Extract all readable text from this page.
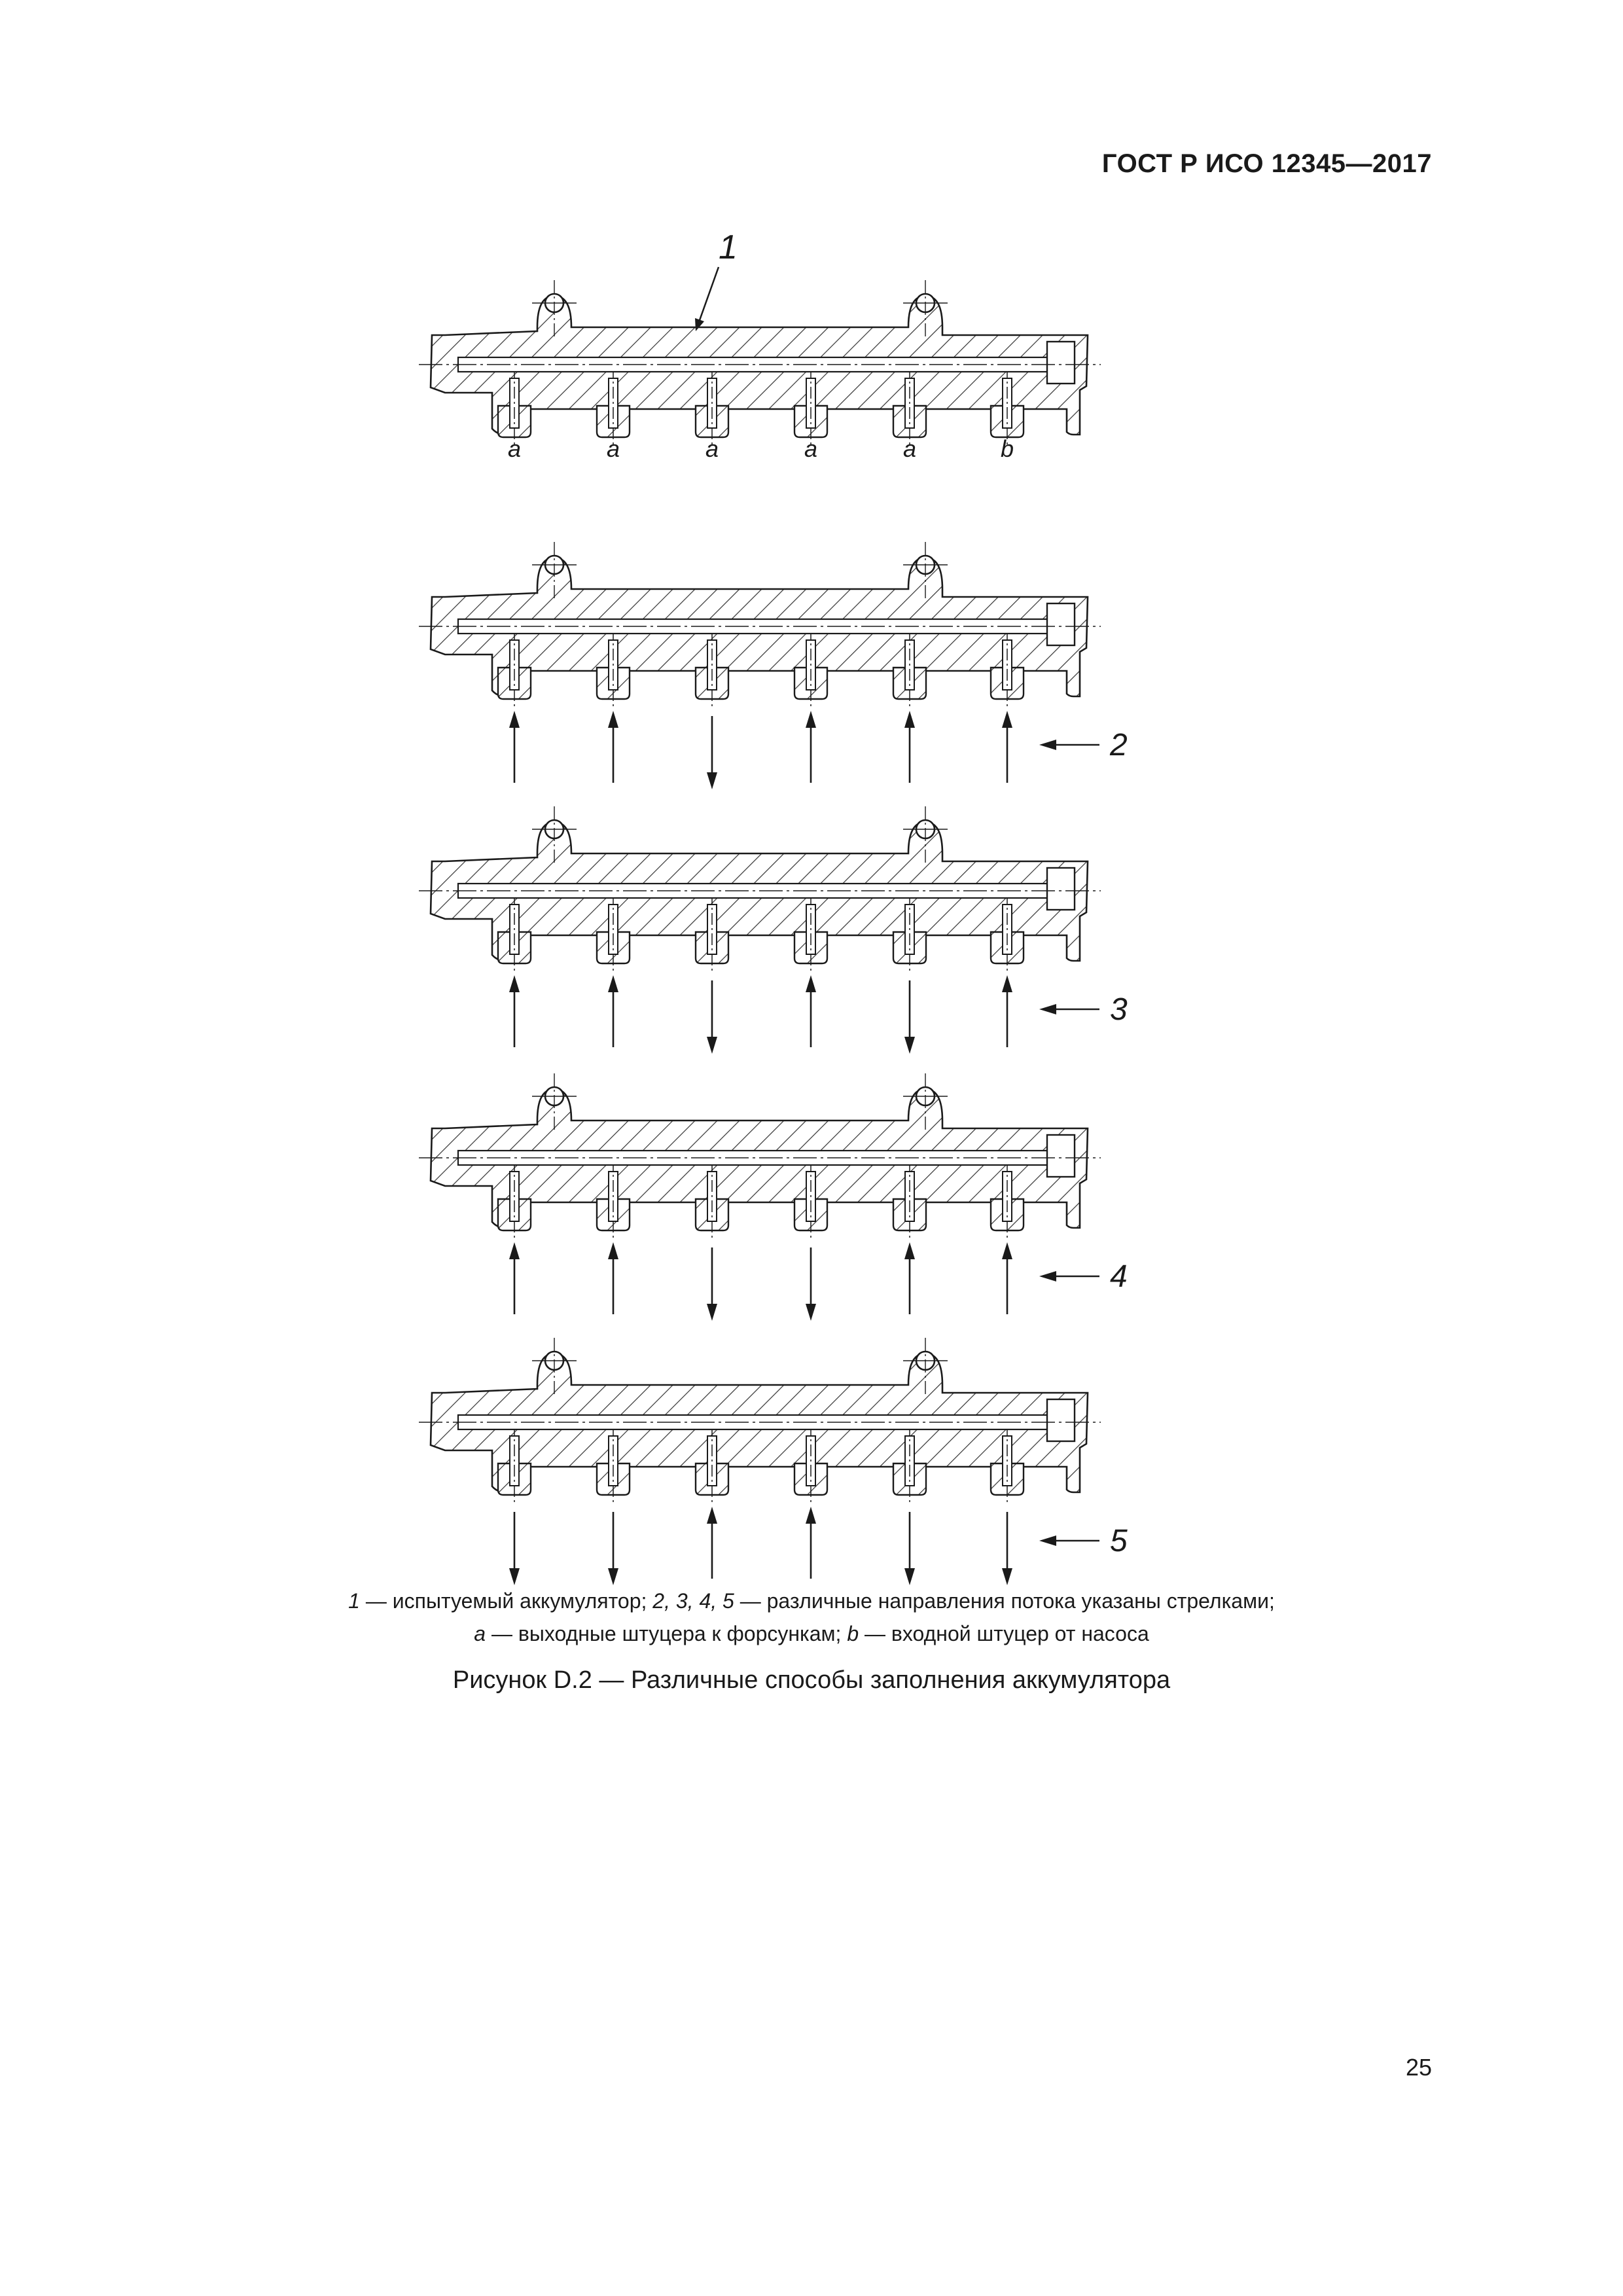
ГОСТ Р ИСО 12345—2017
a	a	a	a	a	b
2
3
4
5
1
1 — испытуемый аккумулятор; 2, 3, 4, 5 — различные направления потока указаны стрелками;
a — выходные штуцера к форсункам; b — входной штуцер от насоса
Рисунок D.2 — Различные способы заполнения аккумулятора
25
